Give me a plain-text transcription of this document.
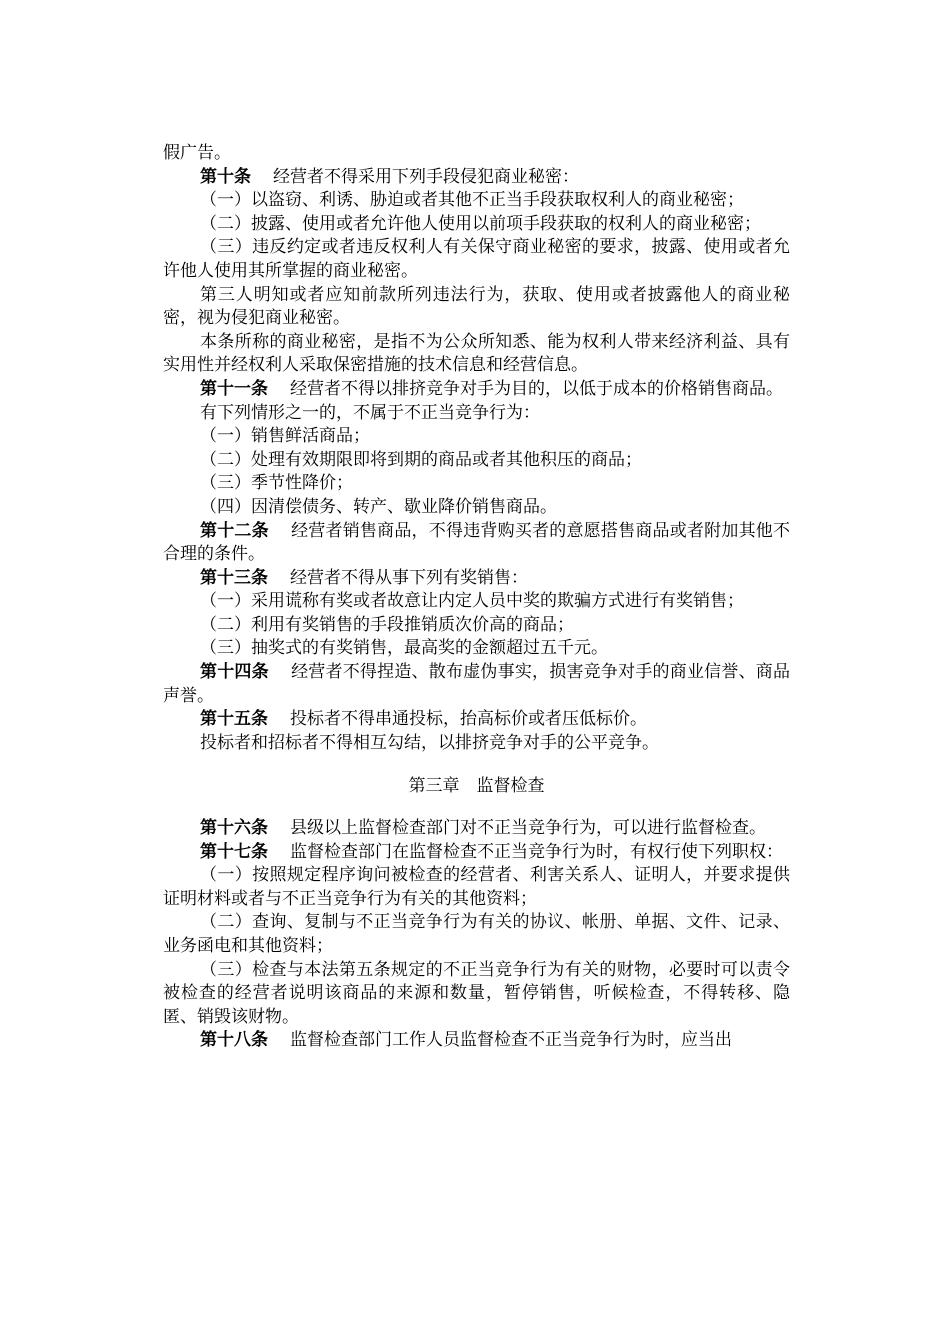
假广告。

第十条 经营者不得采用下列手段侵犯商业秘密：

（一）以盗窃、利诱、胁迫或者其他不正当手段获取权利人的商业秘密；

（二）披露、使用或者允许他人使用以前项手段获取的权利人的商业秘密；

（三）违反约定或者违反权利人有关保守商业秘密的要求，披露、使用或者允许他人使用其所掌握的商业秘密。

第三人明知或者应知前款所列违法行为，获取、使用或者披露他人的商业秘密，视为侵犯商业秘密。

本条所称的商业秘密，是指不为公众所知悉、能为权利人带来经济利益、具有实用性并经权利人采取保密措施的技术信息和经营信息。

第十一条 经营者不得以排挤竞争对手为目的，以低于成本的价格销售商品。

有下列情形之一的，不属于不正当竞争行为：

（一）销售鲜活商品；

（二）处理有效期限即将到期的商品或者其他积压的商品；

（三）季节性降价；

（四）因清偿债务、转产、歇业降价销售商品。

第十二条 经营者销售商品，不得违背购买者的意愿搭售商品或者附加其他不合理的条件。

第十三条 经营者不得从事下列有奖销售：

（一）采用谎称有奖或者故意让内定人员中奖的欺骗方式进行有奖销售；

（二）利用有奖销售的手段推销质次价高的商品；

（三）抽奖式的有奖销售，最高奖的金额超过五千元。

第十四条 经营者不得捏造、散布虚伪事实，损害竞争对手的商业信誉、商品声誉。

第十五条 投标者不得串通投标，抬高标价或者压低标价。

投标者和招标者不得相互勾结，以排挤竞争对手的公平竞争。

第三章　监督检查

第十六条 县级以上监督检查部门对不正当竞争行为，可以进行监督检查。

第十七条 监督检查部门在监督检查不正当竞争行为时，有权行使下列职权：

（一）按照规定程序询问被检查的经营者、利害关系人、证明人，并要求提供证明材料或者与不正当竞争行为有关的其他资料；

（二）查询、复制与不正当竞争行为有关的协议、帐册、单据、文件、记录、业务函电和其他资料；

（三）检查与本法第五条规定的不正当竞争行为有关的财物，必要时可以责令被检查的经营者说明该商品的来源和数量，暂停销售，听候检查，不得转移、隐匿、销毁该财物。

第十八条 监督检查部门工作人员监督检查不正当竞争行为时，应当出
